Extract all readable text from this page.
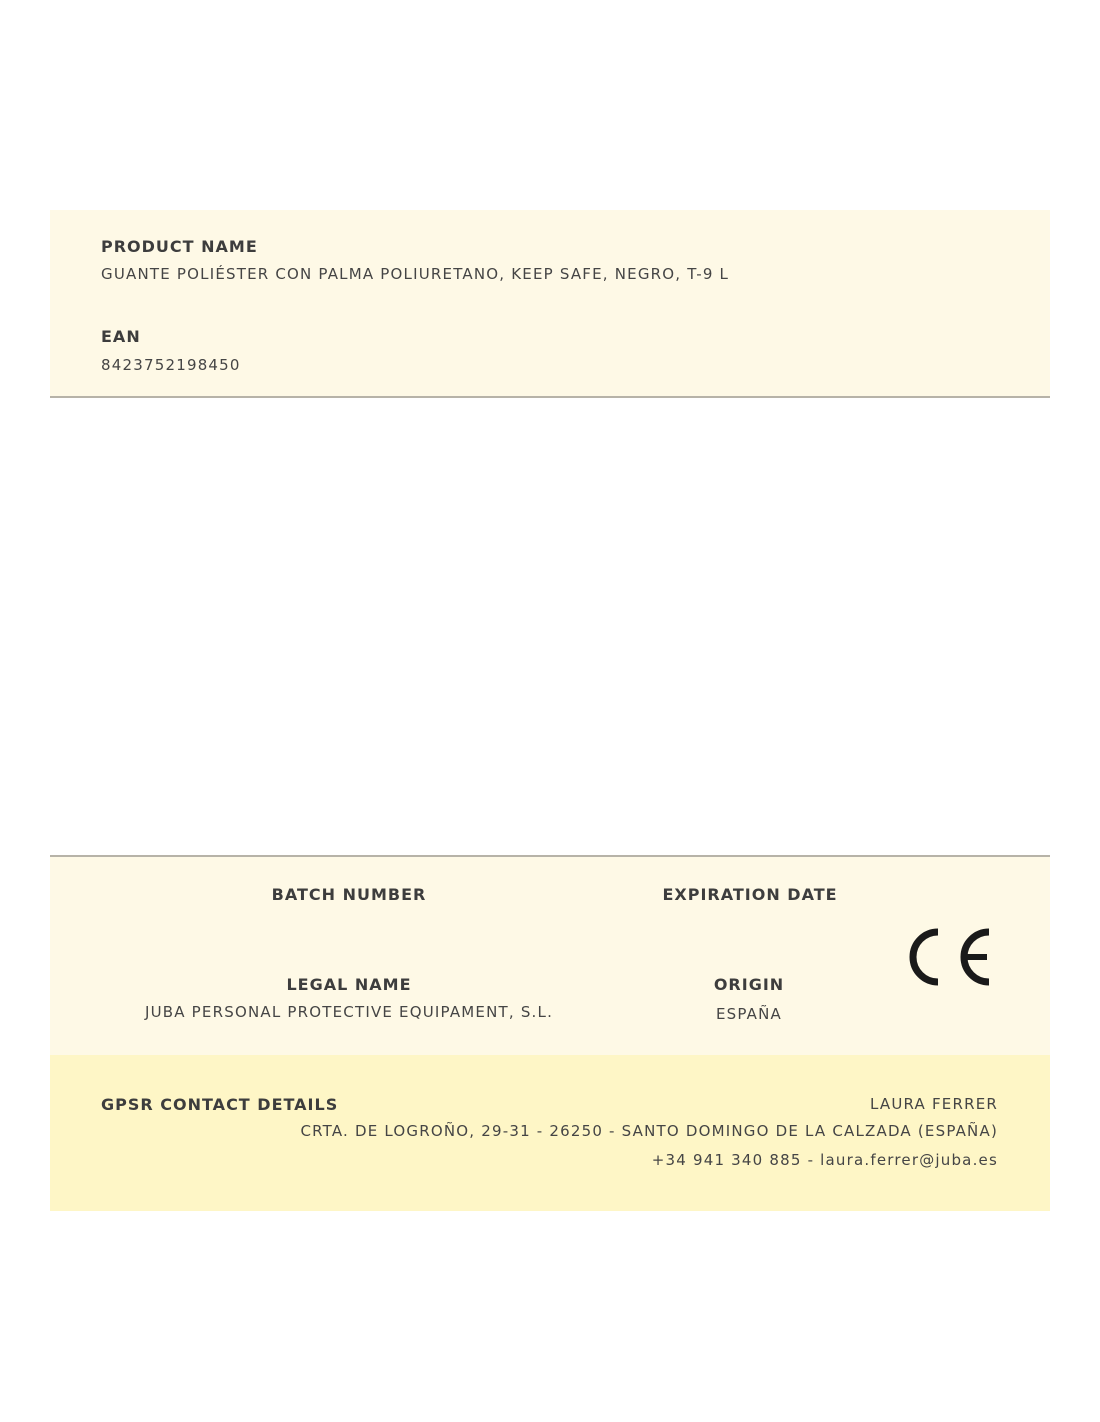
PRODUCT NAME
GUANTE POLIÉSTER CON PALMA POLIURETANO, KEEP SAFE, NEGRO, T-9 L
EAN
8423752198450
BATCH NUMBER	EXPIRATION DATE
LEGAL NAME
JUBA PERSONAL PROTECTIVE EQUIPAMENT, S.L.
ORIGIN
ESPAÑA
GPSR CONTACT DETAILS	LAURA FERRER
CRTA. DE LOGROÑO, 29-31 - 26250 - SANTO DOMINGO DE LA CALZADA (ESPAÑA)
+34 941 340 885 - laura.ferrer@juba.es
